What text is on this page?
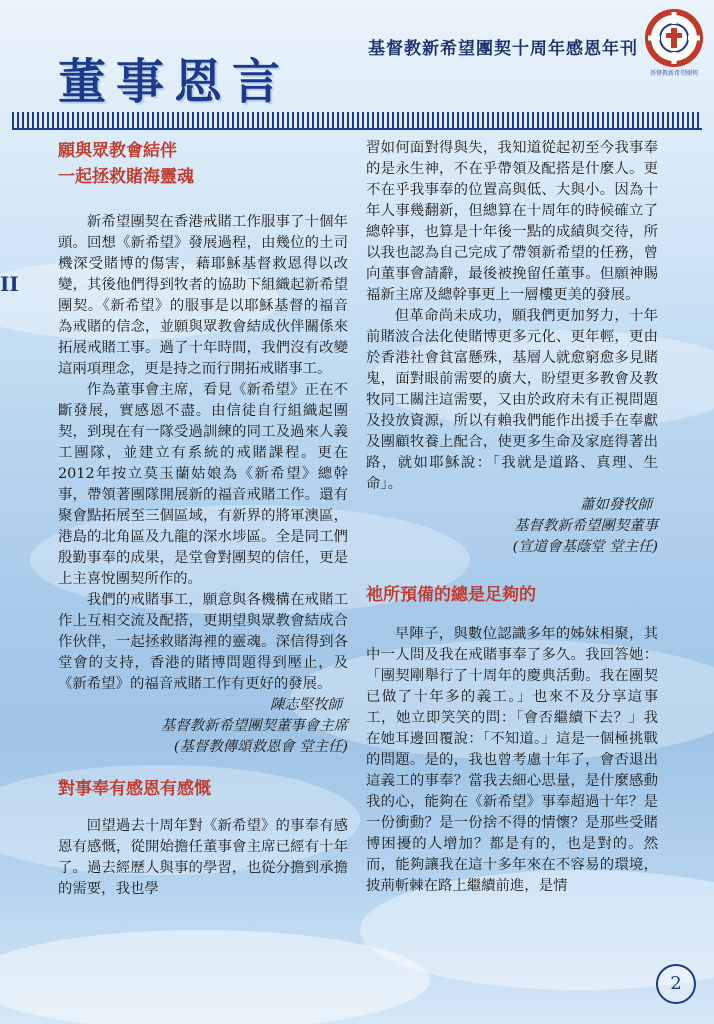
基督教新希望團契十周年感恩年刊
基督教新希望團契
董事恩言
II
願與眾教會結伴
一起拯救賭海靈魂

新希望團契在香港戒賭工作服事了十個年頭。回想《新希望》發展過程，由幾位的土司機深受賭博的傷害，藉耶穌基督救恩得以改變，其後他們得到牧者的協助下組織起新希望團契。《新希望》的服事是以耶穌基督的福音為戒賭的信念，並願與眾教會結成伙伴關係來拓展戒賭工事。過了十年時間，我們沒有改變這兩項理念，更是持之而行開拓戒賭事工。

作為董事會主席，看見《新希望》正在不斷發展，實感恩不盡。由信徒自行組織起團契，到現在有一隊受過訓練的同工及過來人義工團隊，並建立有系統的戒賭課程。更在2012年按立莫玉蘭姑娘為《新希望》總幹事，帶領著團隊開展新的福音戒賭工作。還有聚會點拓展至三個區域，有新界的將軍澳區，港島的北角區及九龍的深水埗區。全是同工們殷勤事奉的成果，是堂會對團契的信任，更是上主喜悅團契所作的。

我們的戒賭事工，願意與各機構在戒賭工作上互相交流及配搭，更期望與眾教會結成合作伙伴，一起拯救賭海裡的靈魂。深信得到各堂會的支持，香港的賭博問題得到壓止，及《新希望》的福音戒賭工作有更好的發展。

陳志堅牧師
基督教新希望團契董事會主席
(基督教傳頌救恩會 堂主任)
對事奉有感恩有感慨

回望過去十周年對《新希望》的事奉有感恩有感慨，從開始擔任董事會主席已經有十年了。過去經歷人與事的學習，也從分擔到承擔的需要，我也學

習如何面對得與失，我知道從起初至今我事奉的是永生神，不在乎帶領及配搭是什麼人。更不在乎我事奉的位置高與低、大與小。因為十年人事幾翻新，但總算在十周年的時候確立了總幹事，也算是十年後一點的成績與交待，所以我也認為自己完成了帶領新希望的任務，曾向董事會請辭，最後被挽留任董事。但願神賜福新主席及總幹事更上一層樓更美的發展。

但革命尚未成功，願我們更加努力，十年前賭波合法化使賭博更多元化、更年輕，更由於香港社會貧富懸殊，基層人就愈窮愈多見賭鬼，面對眼前需要的廣大，盼望更多教會及教牧同工關注這需要，又由於政府未有正視問題及投放資源，所以有賴我們能作出援手在奉獻及團顧牧養上配合，使更多生命及家庭得著出路，就如耶穌說：「我就是道路、真理、生命」。

蕭如發牧師
基督教新希望團契董事
(宣道會基蔭堂 堂主任)
祂所預備的總是足夠的

早陣子，與數位認識多年的姊妹相聚，其中一人問及我在戒賭事奉了多久。我回答她：「團契剛舉行了十周年的慶典活動。我在團契已做了十年多的義工。」也來不及分享這事工，她立即笑笑的問：「會否繼續下去？」我在她耳邊回覆說：「不知道。」這是一個極挑戰的問題。是的，我也曾考慮十年了，會否退出這義工的事奉？當我去細心思量，是什麼感動我的心，能夠在《新希望》事奉超過十年？是一份衝動？是一份捨不得的情懷？是那些受賭博困擾的人增加？都是有的，也是對的。然而，能夠讓我在這十多年來在不容易的環境，披荊斬棘在路上繼續前進，是情

2
